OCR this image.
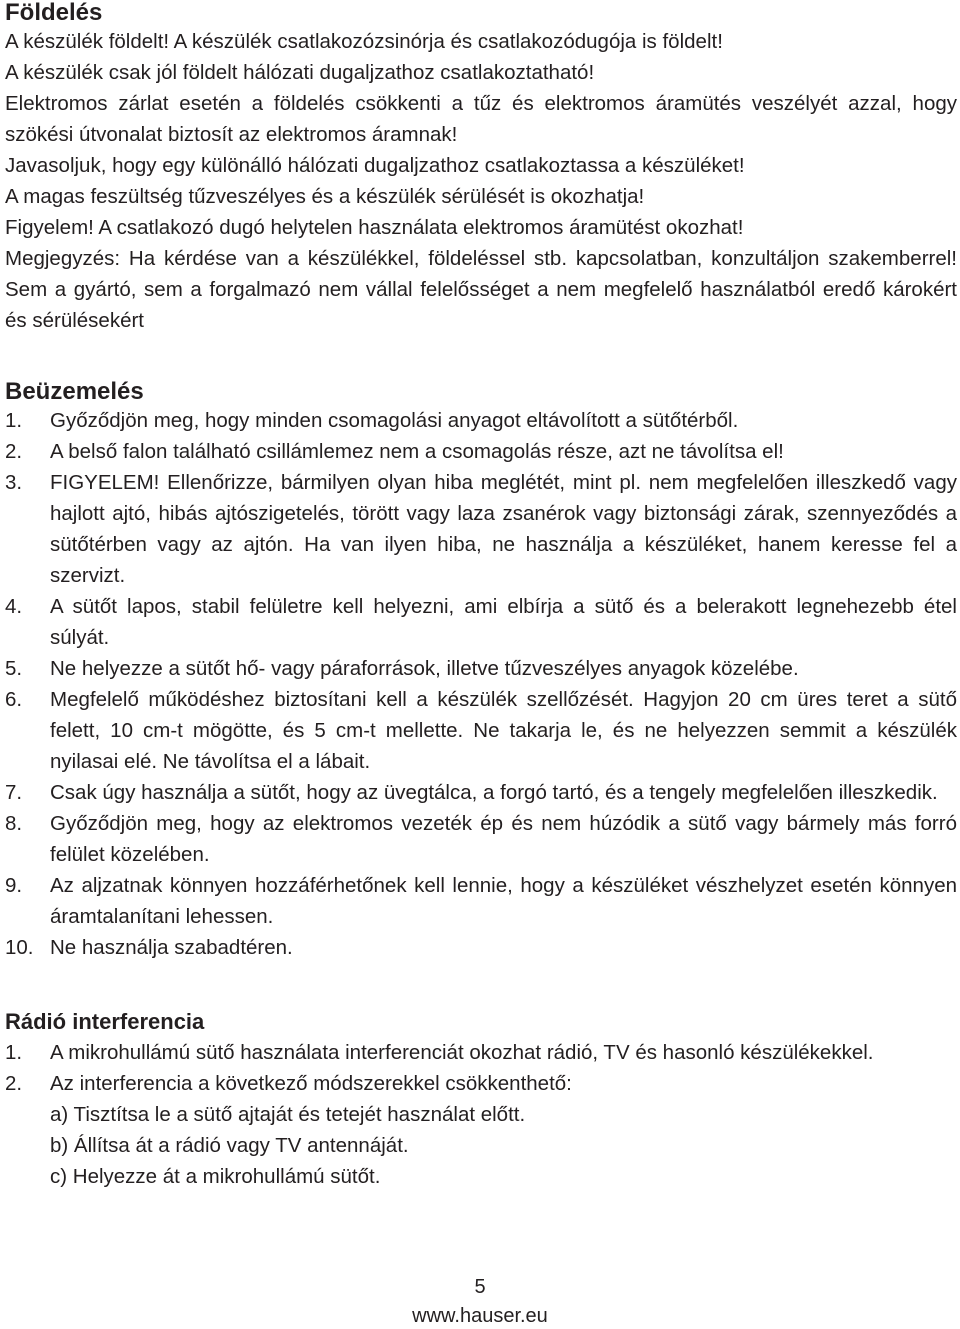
Földelés

A készülék földelt! A készülék csatlakozózsinórja és csatlakozódugója is földelt!

A készülék csak jól földelt hálózati dugaljzathoz csatlakoztatható!

Elektromos zárlat esetén a földelés csökkenti a tűz és elektromos áramütés veszélyét azzal, hogy szökési útvonalat biztosít az elektromos áramnak!

Javasoljuk, hogy egy különálló hálózati dugaljzathoz csatlakoztassa a készüléket!

A magas feszültség tűzveszélyes és a készülék sérülését is okozhatja!

Figyelem! A csatlakozó dugó helytelen használata elektromos áramütést okozhat!

Megjegyzés: Ha kérdése van a készülékkel, földeléssel stb. kapcsolatban, konzultáljon szakemberrel! Sem a gyártó, sem a forgalmazó nem vállal felelősséget a nem megfelelő használatból eredő károkért és sérülésekért

Beüzemelés
1. Győződjön meg, hogy minden csomagolási anyagot eltávolított a sütőtérből.
2. A belső falon található csillámlemez nem a csomagolás része, azt ne távolítsa el!
3. FIGYELEM! Ellenőrizze, bármilyen olyan hiba meglétét, mint pl. nem megfelelően illeszkedő vagy hajlott ajtó, hibás ajtószigetelés, törött vagy laza zsanérok vagy biztonsági zárak, szennyeződés a sütőtérben vagy az ajtón. Ha van ilyen hiba, ne használja a készüléket, hanem keresse fel a szervizt.
4. A sütőt lapos, stabil felületre kell helyezni, ami elbírja a sütő és a belerakott legnehezebb étel súlyát.
5. Ne helyezze a sütőt hő- vagy páraforrások, illetve tűzveszélyes anyagok közelébe.
6. Megfelelő működéshez biztosítani kell a készülék szellőzését. Hagyjon 20 cm üres teret a sütő felett, 10 cm-t mögötte, és 5 cm-t mellette. Ne takarja le, és ne helyezzen semmit a készülék nyilasai elé. Ne távolítsa el a lábait.
7. Csak úgy használja a sütőt, hogy az üvegtálca, a forgó tartó, és a tengely megfelelően illeszkedik.
8. Győződjön meg, hogy az elektromos vezeték ép és nem húzódik a sütő vagy bármely más forró felület közelében.
9. Az aljzatnak könnyen hozzáférhetőnek kell lennie, hogy a készüléket vészhelyzet esetén könnyen áramtalanítani lehessen.
10. Ne használja szabadtéren.
Rádió interferencia
1. A mikrohullámú sütő használata interferenciát okozhat rádió, TV és hasonló készülékekkel.
2. Az interferencia a következő módszerekkel csökkenthető:
a) Tisztítsa le a sütő ajtaját és tetejét használat előtt.
b) Állítsa át a rádió vagy TV antennáját.
c) Helyezze át a mikrohullámú sütőt.
5
www.hauser.eu
